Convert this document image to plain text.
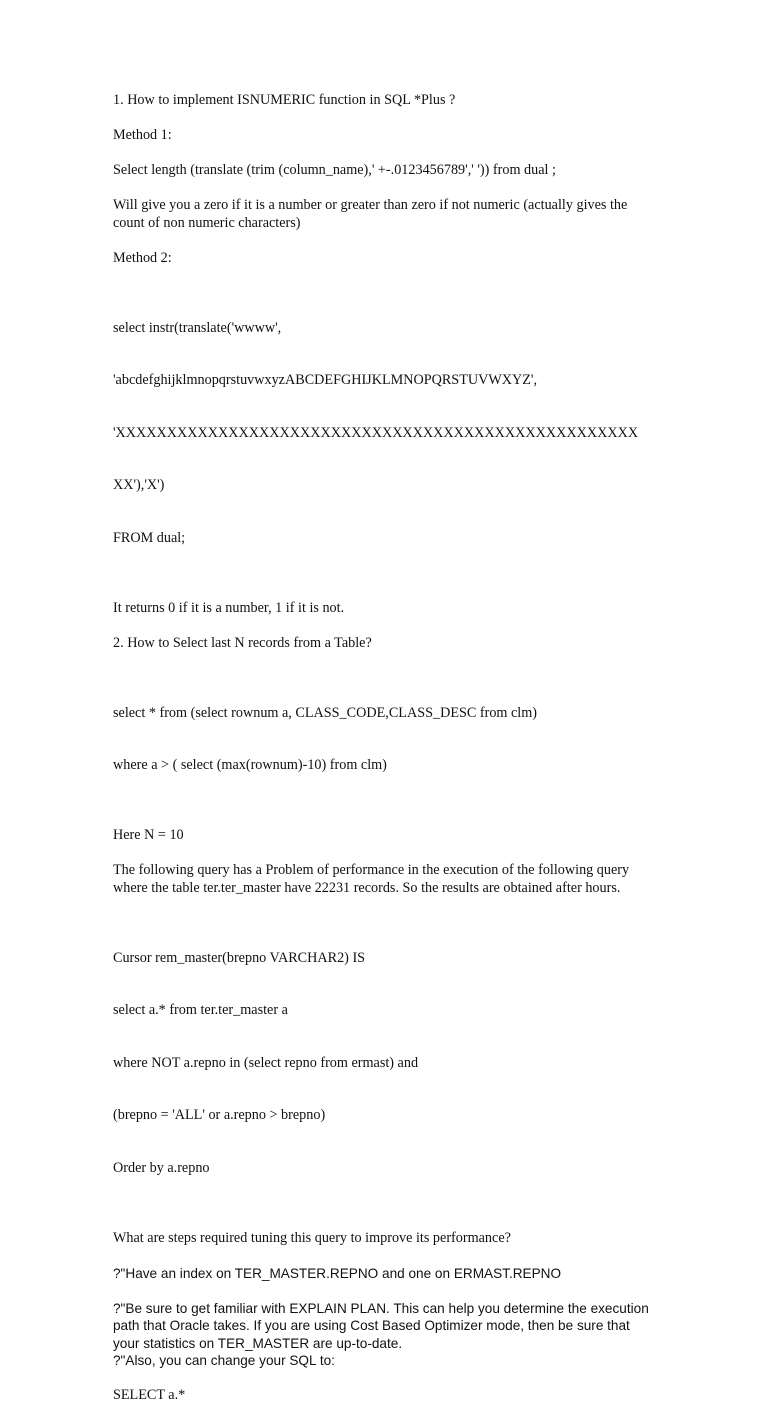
1. How to implement ISNUMERIC function in SQL *Plus ?

Method 1:

Select length (translate (trim (column_name),' +-.0123456789',' ')) from dual ;

Will give you a zero if it is a number or greater than zero if not numeric (actually gives the count of non numeric characters)

Method 2:

select instr(translate('wwww',

'abcdefghijklmnopqrstuvwxyzABCDEFGHIJKLMNOPQRSTUVWXYZ',

'XXXXXXXXXXXXXXXXXXXXXXXXXXXXXXXXXXXXXXXXXXXXXXXXXXX

XX'),'X')

FROM dual;

It returns 0 if it is a number, 1 if it is not.

2. How to Select last N records from a Table?

select * from (select rownum a, CLASS_CODE,CLASS_DESC from clm)

where a > ( select (max(rownum)-10) from clm)

Here N = 10

The following query has a Problem of performance in the execution of the following query where the table ter.ter_master have 22231 records. So the results are obtained after hours.

Cursor rem_master(brepno VARCHAR2) IS

select a.* from ter.ter_master a

where NOT a.repno in (select repno from ermast) and

(brepno = 'ALL' or a.repno > brepno)

Order by a.repno

What are steps required tuning this query to improve its performance?

?"Have an index on TER_MASTER.REPNO and one on ERMAST.REPNO

?"Be sure to get familiar with EXPLAIN PLAN. This can help you determine the execution path that Oracle takes. If you are using Cost Based Optimizer mode, then be sure that your statistics on TER_MASTER are up-to-date.

?"Also, you can change your SQL to:

SELECT a.*
